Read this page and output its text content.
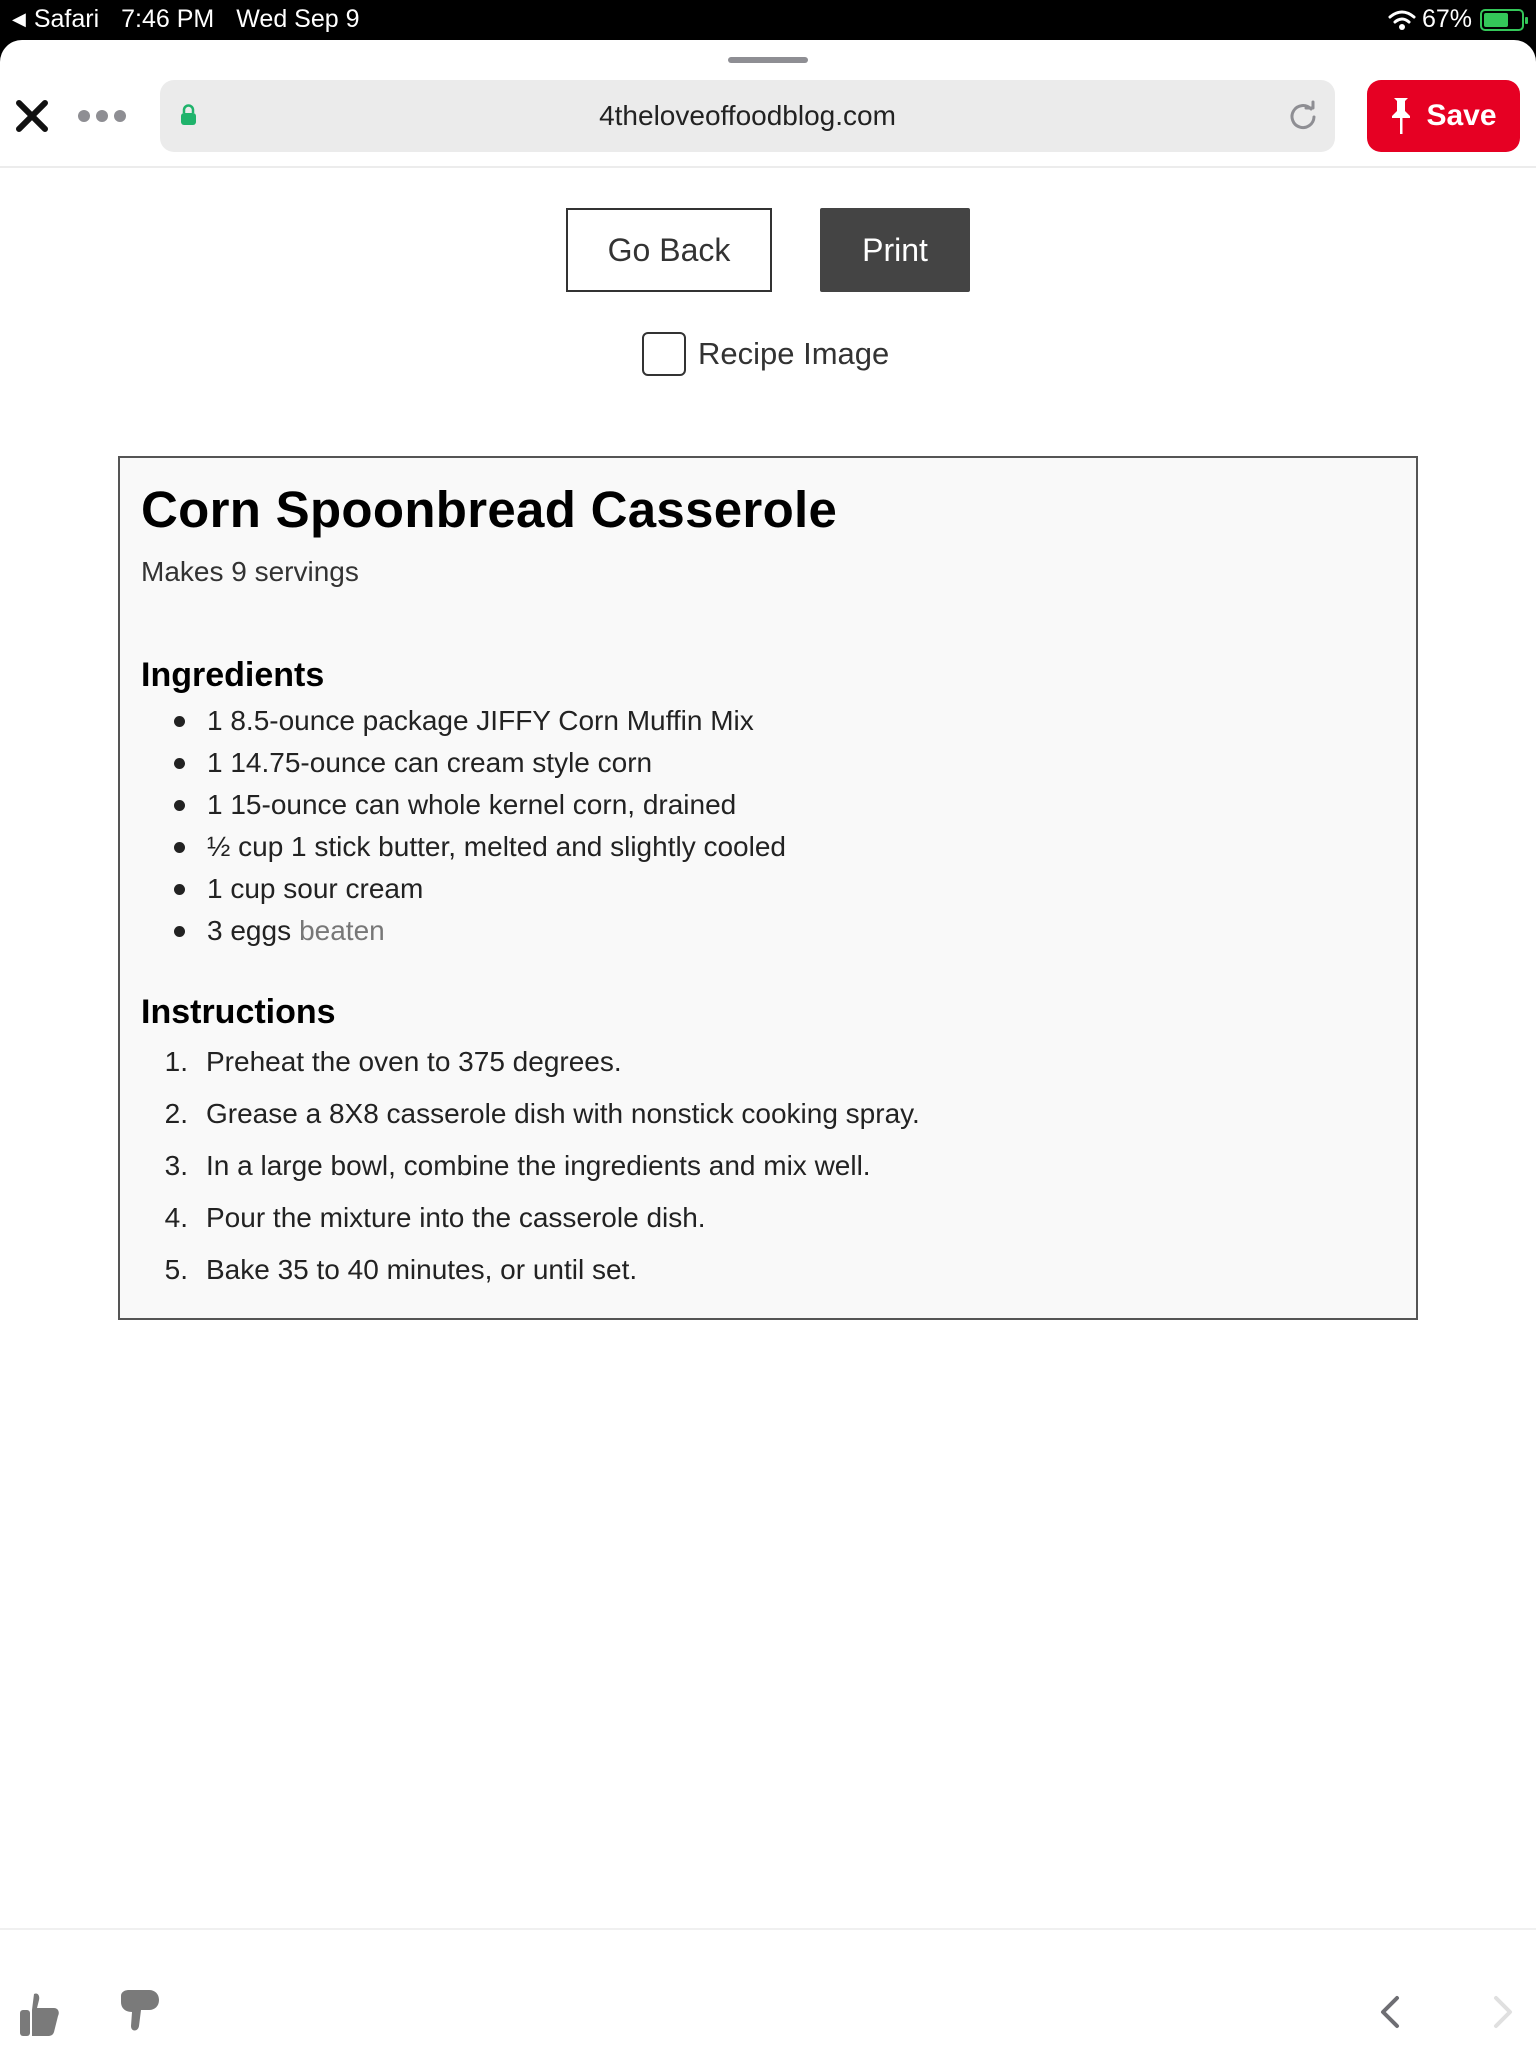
◀ Safari 7:46 PM Wed Sep 9	67%
4theloveoffoodblog.com	Save
Go Back	Print
Recipe Image
Corn Spoonbread Casserole
Makes 9 servings
Ingredients
1 8.5-ounce package JIFFY Corn Muffin Mix
1 14.75-ounce can cream style corn
1 15-ounce can whole kernel corn, drained
½ cup 1 stick butter, melted and slightly cooled
1 cup sour cream
3 eggs beaten
Instructions
1. Preheat the oven to 375 degrees.
2. Grease a 8X8 casserole dish with nonstick cooking spray.
3. In a large bowl, combine the ingredients and mix well.
4. Pour the mixture into the casserole dish.
5. Bake 35 to 40 minutes, or until set.
